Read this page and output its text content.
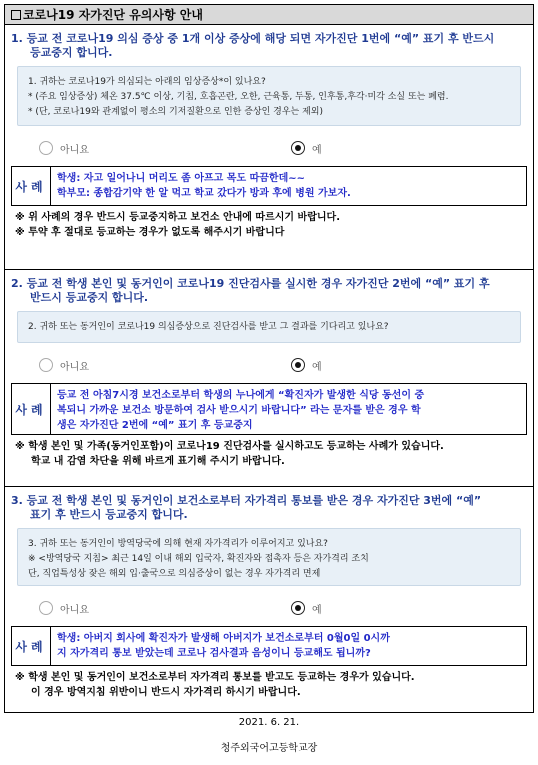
코로나19 자가진단 유의사항 안내
1. 등교 전 코로나19 의심 증상 중 1개 이상 증상에 해당 되면 자가진단 1번에 “예” 표기 후 반드시
등교중지 합니다.
1. 귀하는 코로나19가 의심되는 아래의 임상증상*이 있나요?
* (주요 임상증상) 체온 37.5℃ 이상, 기침, 호흡곤란, 오한, 근육통, 두통, 인후통,후각·미각 소실 또는 폐렴.
* (단, 코로나19와 관계없이 평소의 기저질환으로 인한 증상인 경우는 제외)
아니요	예
사례
학생: 자고 일어나니 머리도 좀 아프고 목도 따끔한데~~
학부모: 종합감기약 한 알 먹고 학교 갔다가 방과 후에 병원 가보자.
※ 위 사례의 경우 반드시 등교중지하고 보건소 안내에 따르시기 바랍니다.
※ 투약 후 절대로 등교하는 경우가 없도록 해주시기 바랍니다
2. 등교 전 학생 본인 및 동거인이 코로나19 진단검사를 실시한 경우 자가진단 2번에 “예” 표기 후
반드시 등교중지 합니다.
2. 귀하 또는 동거인이 코로나19 의심증상으로 진단검사를 받고 그 결과를 기다리고 있나요?
아니요	예
사례
등교 전 아침7시경 보건소로부터 학생의 누나에게 “확진자가 발생한 식당 동선이 중
복되니 가까운 보건소 방문하여 검사 받으시기 바랍니다” 라는 문자를 받은 경우 학
생은 자가진단 2번에 “예” 표기 후 등교중지
※ 학생 본인 및 가족(동거인포함)이 코로나19 진단검사를 실시하고도 등교하는 사례가 있습니다.
학교 내 감염 차단을 위해 바르게 표기해 주시기 바랍니다.
3. 등교 전 학생 본인 및 동거인이 보건소로부터 자가격리 통보를 받은 경우 자가진단 3번에 “예”
표기 후 반드시 등교중지 합니다.
3. 귀하 또는 동거인이 방역당국에 의해 현재 자가격리가 이루어지고 있나요?
※ <방역당국 지침> 최근 14일 이내 해외 입국자, 확진자와 접촉자 등은 자가격리 조치
단, 직업특성상 잦은 해외 입·출국으로 의심증상이 없는 경우 자가격리 면제
아니요	예
사례
학생: 아버지 회사에 확진자가 발생해 아버지가 보건소로부터 0월0일 0시까
지 자가격리 통보 받았는데 코로나 검사결과 음성이니 등교해도 됩니까?
※ 학생 본인 및 동거인이 보건소로부터 자가격리 통보를 받고도 등교하는 경우가 있습니다.
이 경우 방역지침 위반이니 반드시 자가격리 하시기 바랍니다.
2021. 6. 21.
청주외국어고등학교장
